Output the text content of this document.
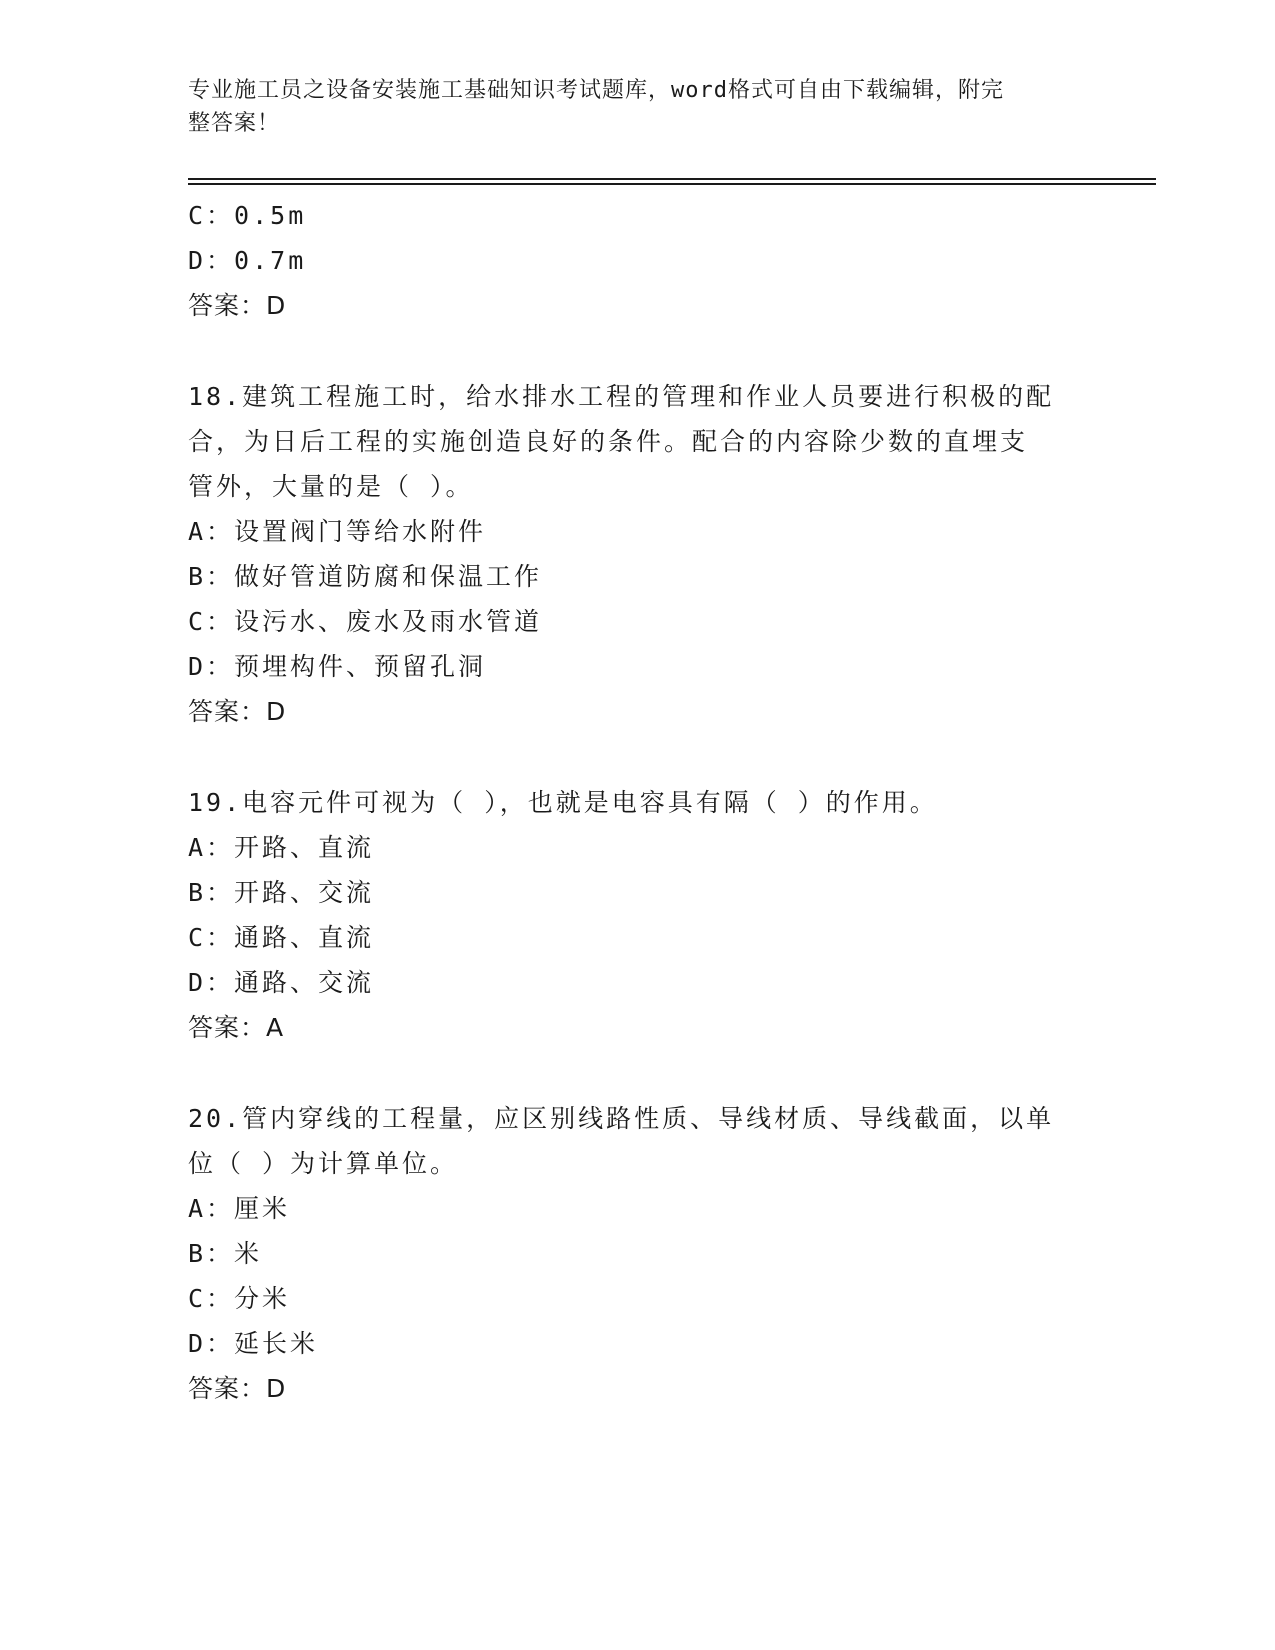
专业施工员之设备安装施工基础知识考试题库，word格式可自由下载编辑，附完
整答案！
C：0.5m
D：0.7m
答案：D
18.建筑工程施工时，给水排水工程的管理和作业人员要进行积极的配
合，为日后工程的实施创造良好的条件。配合的内容除少数的直埋支
管外，大量的是（ ）。
A：设置阀门等给水附件
B：做好管道防腐和保温工作
C：设污水、废水及雨水管道
D：预埋构件、预留孔洞
答案：D
19.电容元件可视为（ ），也就是电容具有隔（ ）的作用。
A：开路、直流
B：开路、交流
C：通路、直流
D：通路、交流
答案：A
20.管内穿线的工程量，应区别线路性质、导线材质、导线截面，以单
位（ ）为计算单位。
A：厘米
B：米
C：分米
D：延长米
答案：D
